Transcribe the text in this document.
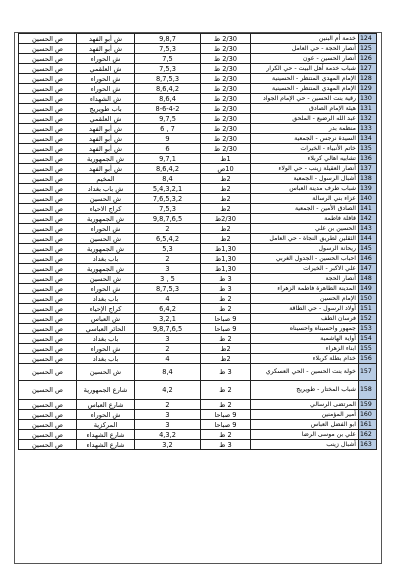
124	خدمة أم البنين	2/30 ظ	9,8,7	ش أبو الفهد	ص الحسين
125	أنصار الحجة - حي العامل	2/30 ظ	7,5,3	ش أبو الفهد	ص الحسين
126	أنصار الحسين - عون	2/30 ظ	7,5	ش الحوراء	ص الحسين
127	شباب خدمة أهل البيت - حي الكرار	2/30 ظ	7,5,3	ش العلقمي	ص الحسين
128	الإمام المهدي المنتظر - الحسينية	2/30 ظ	8,7,5,3	ش الحوراء	ص الحسين
129	الإمام المهدي المنتظر - الحسينية	2/30 ظ	8,6,4,2	ش الحوراء	ص الحسين
130	رقية بنت الحسين - حي الإمام الجواد	2/30 ظ	8,6,4	ش الشهداء	ص الحسين
131	هيئة الإمام الصادق	2/30 ظ	8-6-4-2	باب طويريج	ص الحسين
132	عبد الله الرضيع - الملحق	2/30 ظ	9,7,5	ش العلقمي	ص الحسين
133	منظمة بدر	2/30 ظ	7 , 6	ش أبو الفهد	ص الحسين
134	السيدة نرجس - الجمعية	2/30 ظ	9	ش أبو الفهد	ص الحسين
135	خاتم الأنبياء - الخيرات	2/30 ظ	6	ش أبو الفهد	ص الحسين
136	تشابيه اهالي كربلاء	1ظ	9,7,1	ش الجمهورية	ص الحسين
137	أنصار العقيلة زينب - حي الولاء	10ص	8,6,4,2	ش أبو الفهد	ص الحسين
138	أشبال الرسول - الجمعية	2ظ	8,4	المخيم	ص الحسين
139	شباب طرف مدينة العباس	2ظ	5,4,3,2,1	ش باب بغداد	ص الحسين
140	عزاء بني الرسالة	2ظ	7,6,5,3,2	ش الحسين	ص الحسين
141	الصادق الأمين - الجمعية	2ظ	7,5,3	كراج الاحياء	ص الحسين
142	قافلة فاطمة	2/30ظ	9,8,7,6,5	ش الجمهورية	ص الحسين
143	الحسين بن علي	2ظ	2	ش الحوراء	ص الحسين
144	الثقلين لطريق النجاة - حي العامل	2ظ	6,5,4,2	ش الحسين	ص الحسين
145	ريحانة الرسول	1,30ظ	5,3	ش الجمهورية	ص الحسين
146	احباب الحسين - الجدول الغربي	1,30ظ	2	باب بغداد	ص الحسين
147	علي الاكبر - الخيرات	1,30ظ	3	ش الجمهورية	ص الحسين
148	أنصار الحجة	3 ظ	5 , 3	ش الحسين	ص الحسين
149	المدينة الطاهرة فاطمة الزهراء	3 ظ	8,7,5,3	ش الحوراء	ص الحسين
150	الإمام الحسين	2 ظ	4	باب بغداد	ص الحسين
151	أولاد الرسول - حي الطاقة	2 ظ	6,4,2	كراج الإحياء	ص الحسين
152	فرسان الطف	9 صباحا	3,2,1	ش العباس	ص الحسين
153	جمهور واحسيناه واحسيناه	9 صباحا	9,8,7,6,5	الحائر العباسي	ص الحسين
154	أواية الهاشمية	2 ظ	3	باب بغداد	ص الحسين
155	ابناء الزهراء	2ظ	2	ش الحوراء	ص الحسين
156	خدام بطلة كربلاء	2ظ	4	باب بغداد	ص الحسين
157	خولة بنت الحسين - الحي العسكري	3 ظ	8,4	ش الحسين	ص الحسين
158	شباب المختار - طويريج	2 ظ	4,2	شارع الجمهورية	ص الحسين
159	المرتضى الرسالي	2 ظ	2	شارع العباس	ص الحسين
160	أمير المؤمنين	9 صباحا	3	ش الحوراء	ص الحسين
161	ابو الفضل العباس	9 صباحا	3	المركزية	ص الحسين
162	علي بن موسى الرضا	2 ظ	4,3,2	شارع الشهداء	ص الحسين
163	أشبال زينب	3 ظ	3,2	شارع الشهداء	ص الحسين
